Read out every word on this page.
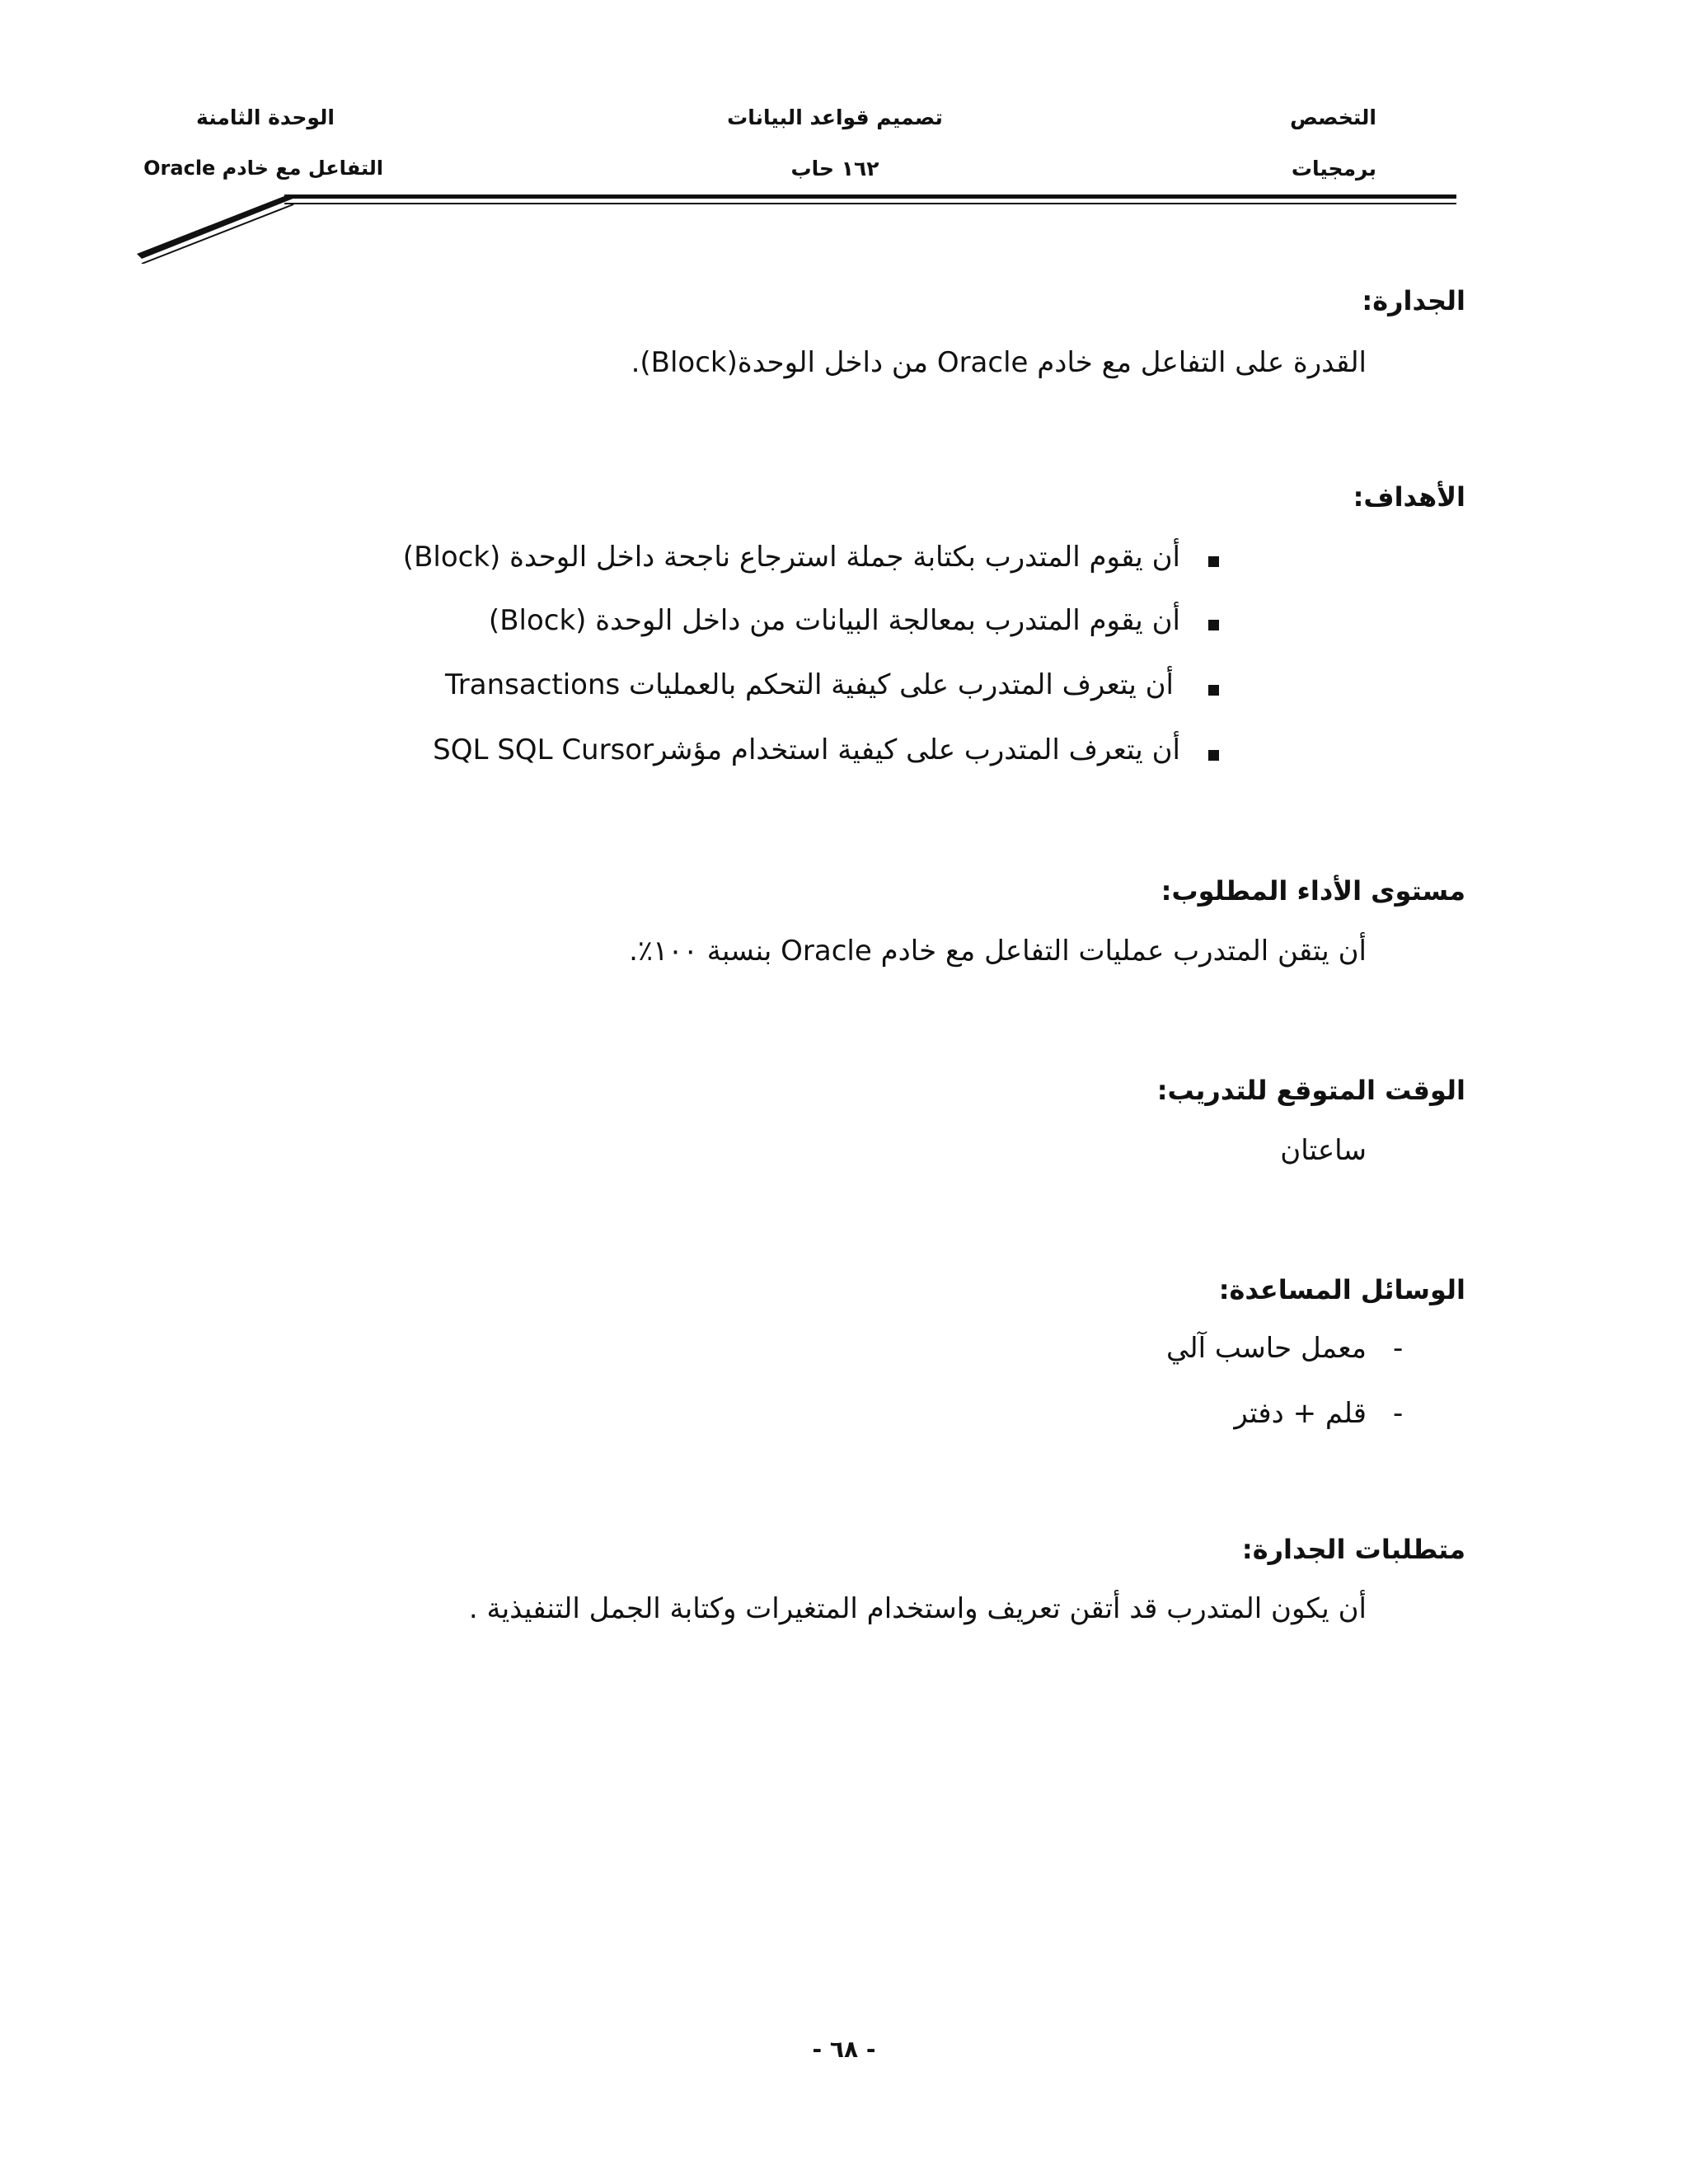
التخصص
برمجيات
تصميم قواعد البيانات
١٦٢ حاب
الوحدة الثامنة
التفاعل مع خادم Oracle
الجدارة:
القدرة على التفاعل مع خادم Oracle من داخل الوحدة(Block).
الأهداف:
أن يقوم المتدرب بكتابة جملة استرجاع ناجحة داخل الوحدة (Block)
أن يقوم المتدرب بمعالجة البيانات من داخل الوحدة (Block)
أن يتعرف المتدرب على كيفية التحكم بالعمليات Transactions
أن يتعرف المتدرب على كيفية استخدام مؤشرSQL SQL Cursor
مستوى الأداء المطلوب:
أن يتقن المتدرب عمليات التفاعل مع خادم Oracle بنسبة ١٠٠٪.
الوقت المتوقع للتدريب:
ساعتان
الوسائل المساعدة:
-
معمل حاسب آلي
-
قلم + دفتر
متطلبات الجدارة:
أن يكون المتدرب قد أتقن تعريف واستخدام المتغيرات وكتابة الجمل التنفيذية .
- ٦٨ -
